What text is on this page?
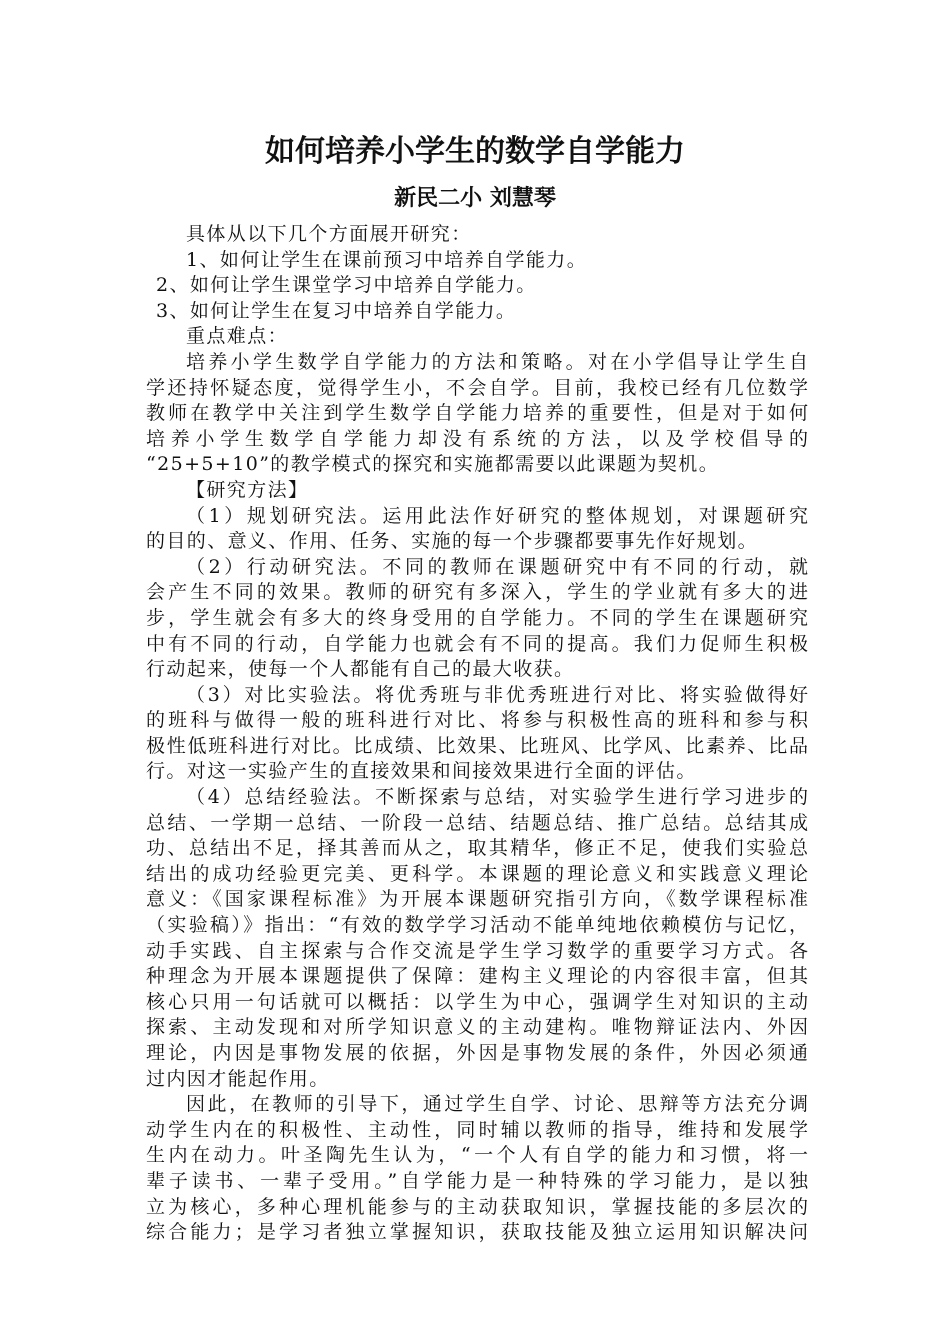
如何培养小学生的数学自学能力
新民二小 刘慧琴
具体从以下几个方面展开研究：
1、如何让学生在课前预习中培养自学能力。
2、如何让学生课堂学习中培养自学能力。
3、如何让学生在复习中培养自学能力。
重点难点：
培养小学生数学自学能力的方法和策略。对在小学倡导让学生自
学还持怀疑态度，觉得学生小，不会自学。目前，我校已经有几位数学
教师在教学中关注到学生数学自学能力培养的重要性，但是对于如何
培养小学生数学自学能力却没有系统的方法，以及学校倡导的
“25+5+10”的教学模式的探究和实施都需要以此课题为契机。
【研究方法】
（1）规划研究法。运用此法作好研究的整体规划，对课题研究
的目的、意义、作用、任务、实施的每一个步骤都要事先作好规划。
（2）行动研究法。不同的教师在课题研究中有不同的行动，就
会产生不同的效果。教师的研究有多深入，学生的学业就有多大的进
步，学生就会有多大的终身受用的自学能力。不同的学生在课题研究
中有不同的行动，自学能力也就会有不同的提高。我们力促师生积极
行动起来，使每一个人都能有自己的最大收获。
（3）对比实验法。将优秀班与非优秀班进行对比、将实验做得好
的班科与做得一般的班科进行对比、将参与积极性高的班科和参与积
极性低班科进行对比。比成绩、比效果、比班风、比学风、比素养、比品
行。对这一实验产生的直接效果和间接效果进行全面的评估。
（4）总结经验法。不断探索与总结，对实验学生进行学习进步的
总结、一学期一总结、一阶段一总结、结题总结、推广总结。总结其成
功、总结出不足，择其善而从之，取其精华，修正不足，使我们实验总
结出的成功经验更完美、更科学。本课题的理论意义和实践意义理论
意义：《国家课程标准》为开展本课题研究指引方向，《数学课程标准
（实验稿）》指出：“有效的数学学习活动不能单纯地依赖模仿与记忆，
动手实践、自主探索与合作交流是学生学习数学的重要学习方式。各
种理念为开展本课题提供了保障：建构主义理论的内容很丰富，但其
核心只用一句话就可以概括：以学生为中心，强调学生对知识的主动
探索、主动发现和对所学知识意义的主动建构。唯物辩证法内、外因
理论，内因是事物发展的依据，外因是事物发展的条件，外因必须通
过内因才能起作用。
因此，在教师的引导下，通过学生自学、讨论、思辩等方法充分调
动学生内在的积极性、主动性，同时辅以教师的指导，维持和发展学
生内在动力。叶圣陶先生认为，“一个人有自学的能力和习惯，将一
辈子读书、一辈子受用。”自学能力是一种特殊的学习能力，是以独
立为核心，多种心理机能参与的主动获取知识，掌握技能的多层次的
综合能力；是学习者独立掌握知识，获取技能及独立运用知识解决问
